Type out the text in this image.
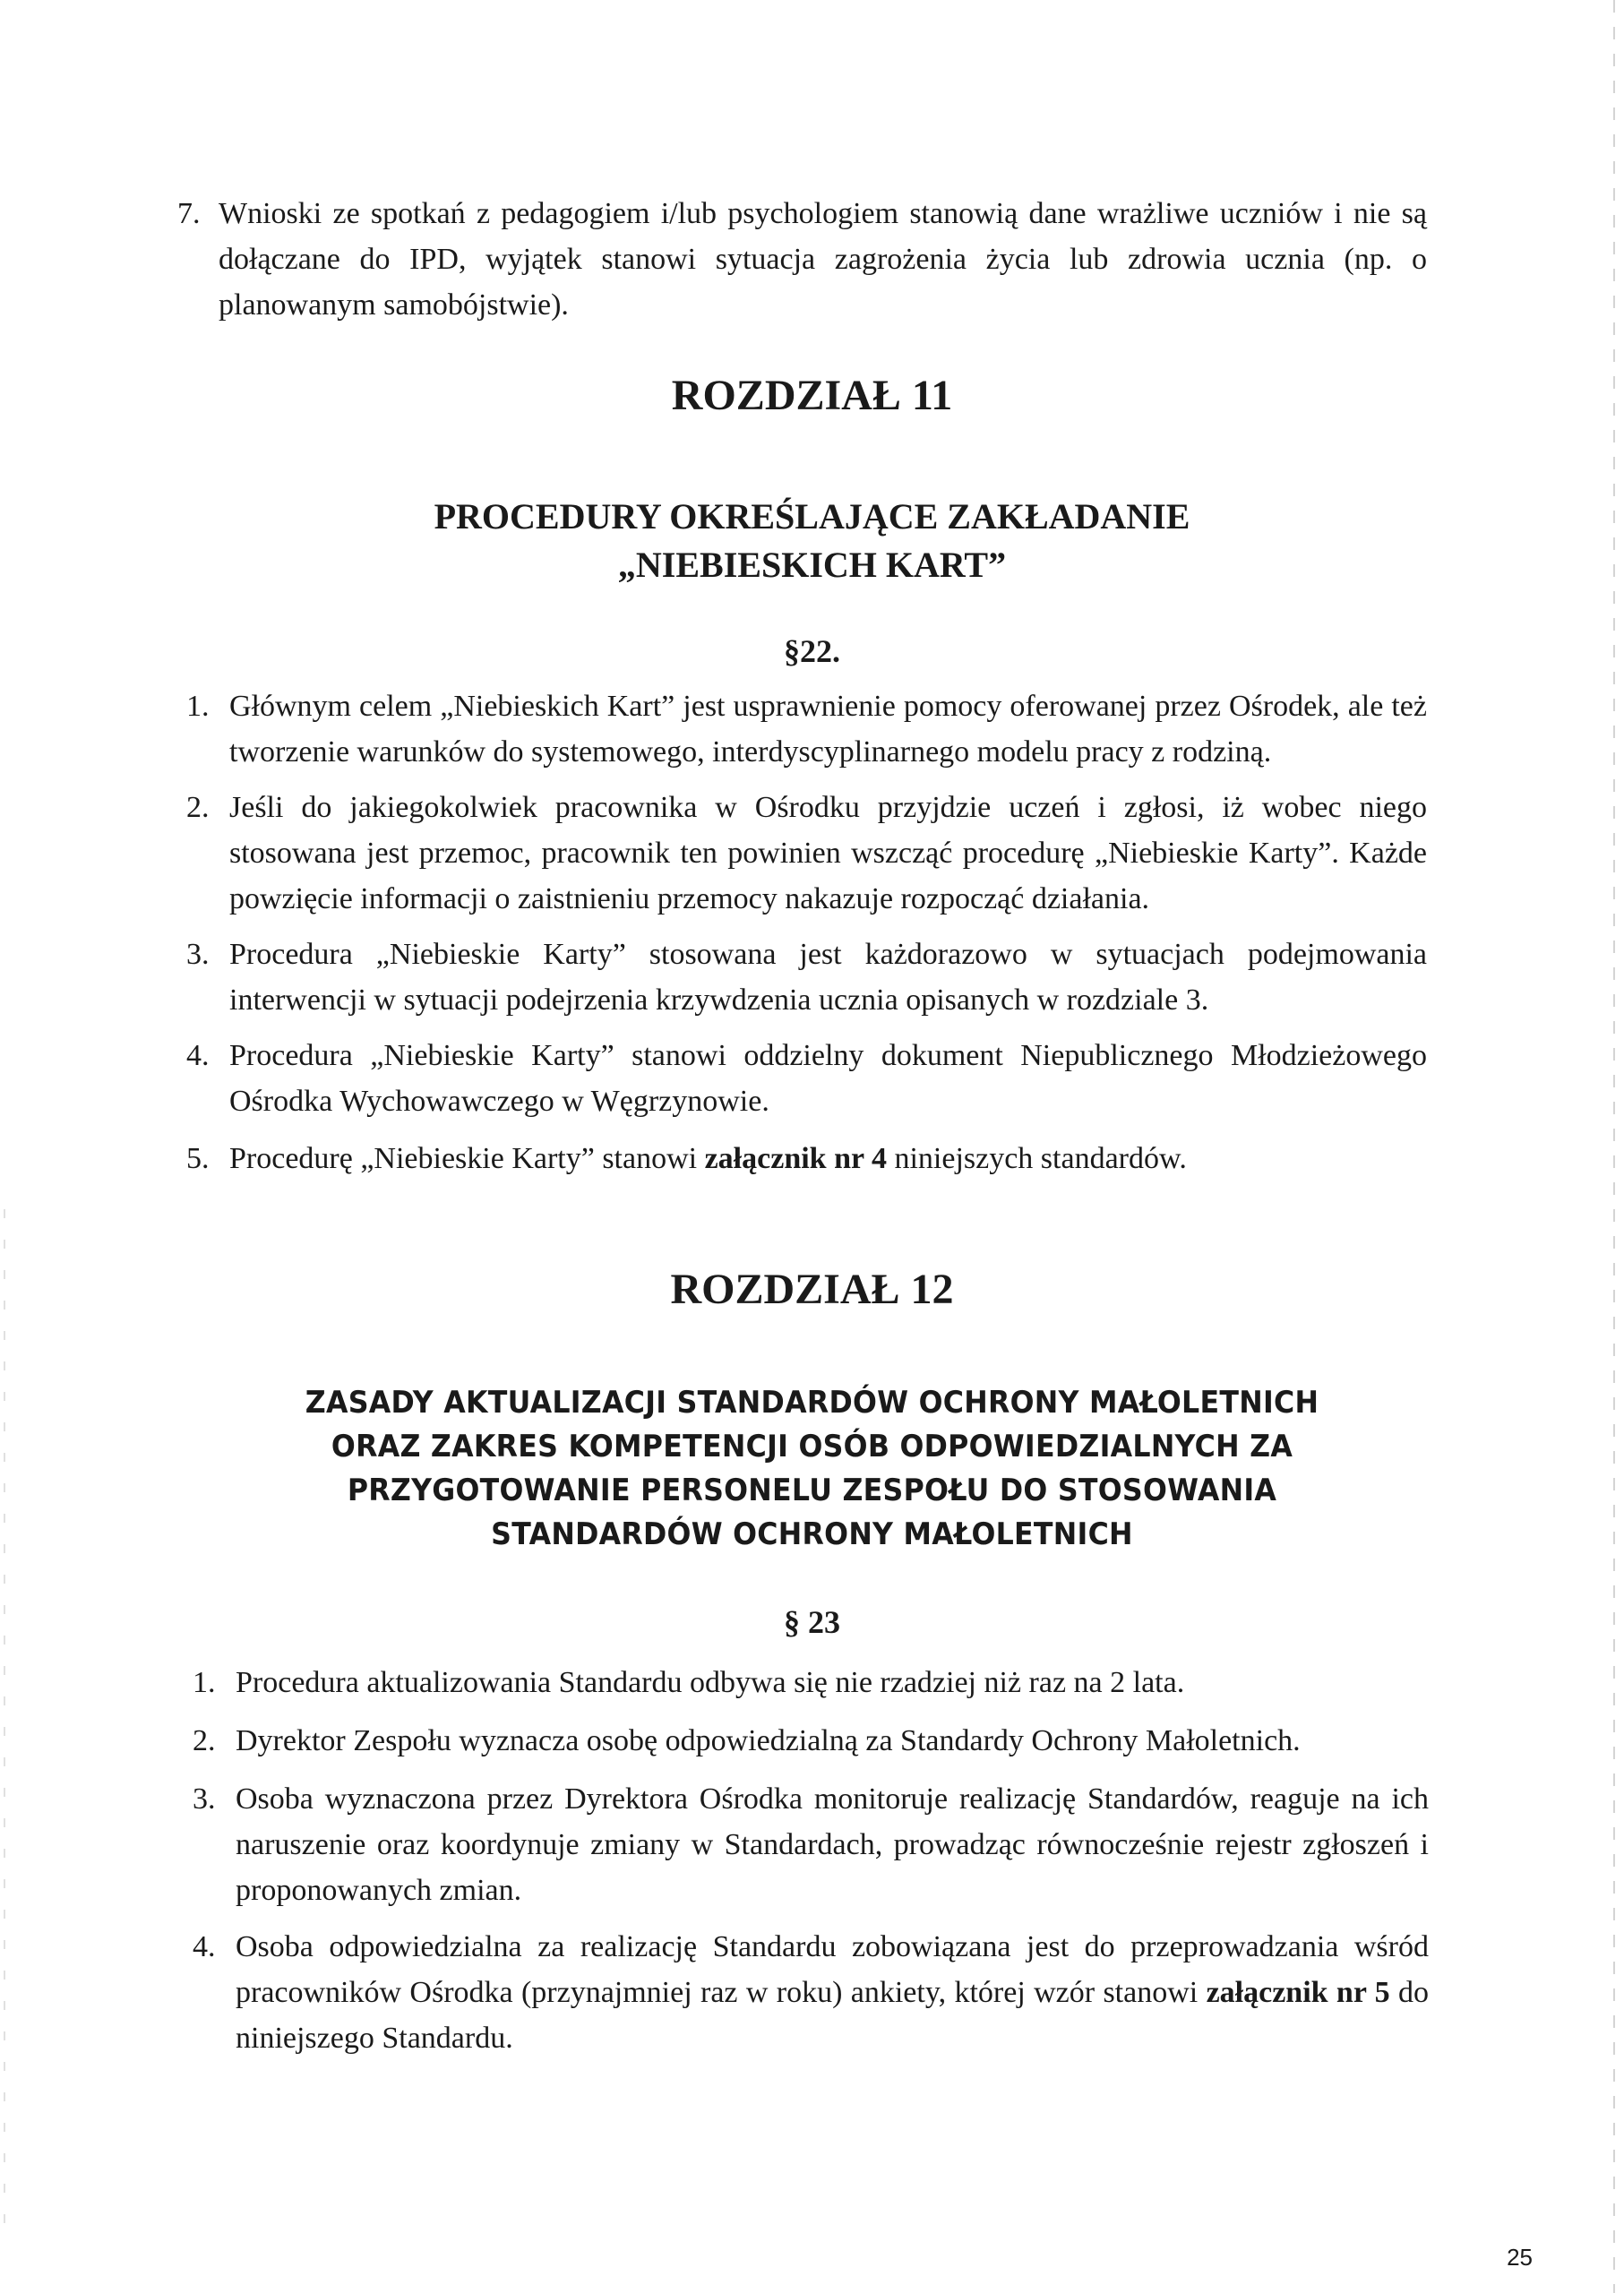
7. Wnioski ze spotkań z pedagogiem i/lub psychologiem stanowią dane wrażliwe uczniów i nie są dołączane do IPD, wyjątek stanowi sytuacja zagrożenia życia lub zdrowia ucznia (np. o planowanym samobójstwie).
ROZDZIAŁ 11
PROCEDURY OKREŚLAJĄCE ZAKŁADANIE
„NIEBIESKICH KART”
§22.
1. Głównym celem „Niebieskich Kart” jest usprawnienie pomocy oferowanej przez Ośrodek, ale też tworzenie warunków do systemowego, interdyscyplinarnego modelu pracy z rodziną.
2. Jeśli do jakiegokolwiek pracownika w Ośrodku przyjdzie uczeń i zgłosi, iż wobec niego stosowana jest przemoc, pracownik ten powinien wszcząć procedurę „Niebieskie Karty”. Każde powzięcie informacji o zaistnieniu przemocy nakazuje rozpocząć działania.
3. Procedura „Niebieskie Karty” stosowana jest każdorazowo w sytuacjach podejmowania interwencji w sytuacji podejrzenia krzywdzenia ucznia opisanych w rozdziale 3.
4. Procedura „Niebieskie Karty” stanowi oddzielny dokument Niepublicznego Młodzieżowego Ośrodka Wychowawczego w Węgrzynowie.
5. Procedurę „Niebieskie Karty” stanowi załącznik nr 4 niniejszych standardów.
ROZDZIAŁ 12
ZASADY AKTUALIZACJI STANDARDÓW OCHRONY MAŁOLETNICH
ORAZ ZAKRES KOMPETENCJI OSÓB ODPOWIEDZIALNYCH ZA
PRZYGOTOWANIE PERSONELU ZESPOŁU DO STOSOWANIA
STANDARDÓW OCHRONY MAŁOLETNICH
§ 23
1. Procedura aktualizowania Standardu odbywa się nie rzadziej niż raz na 2 lata.
2. Dyrektor Zespołu wyznacza osobę odpowiedzialną za Standardy Ochrony Małoletnich.
3. Osoba wyznaczona przez Dyrektora Ośrodka monitoruje realizację Standardów, reaguje na ich naruszenie oraz koordynuje zmiany w Standardach, prowadząc równocześnie rejestr zgłoszeń i proponowanych zmian.
4. Osoba odpowiedzialna za realizację Standardu zobowiązana jest do przeprowadzania wśród pracowników Ośrodka (przynajmniej raz w roku) ankiety, której wzór stanowi załącznik nr 5 do niniejszego Standardu.
25
